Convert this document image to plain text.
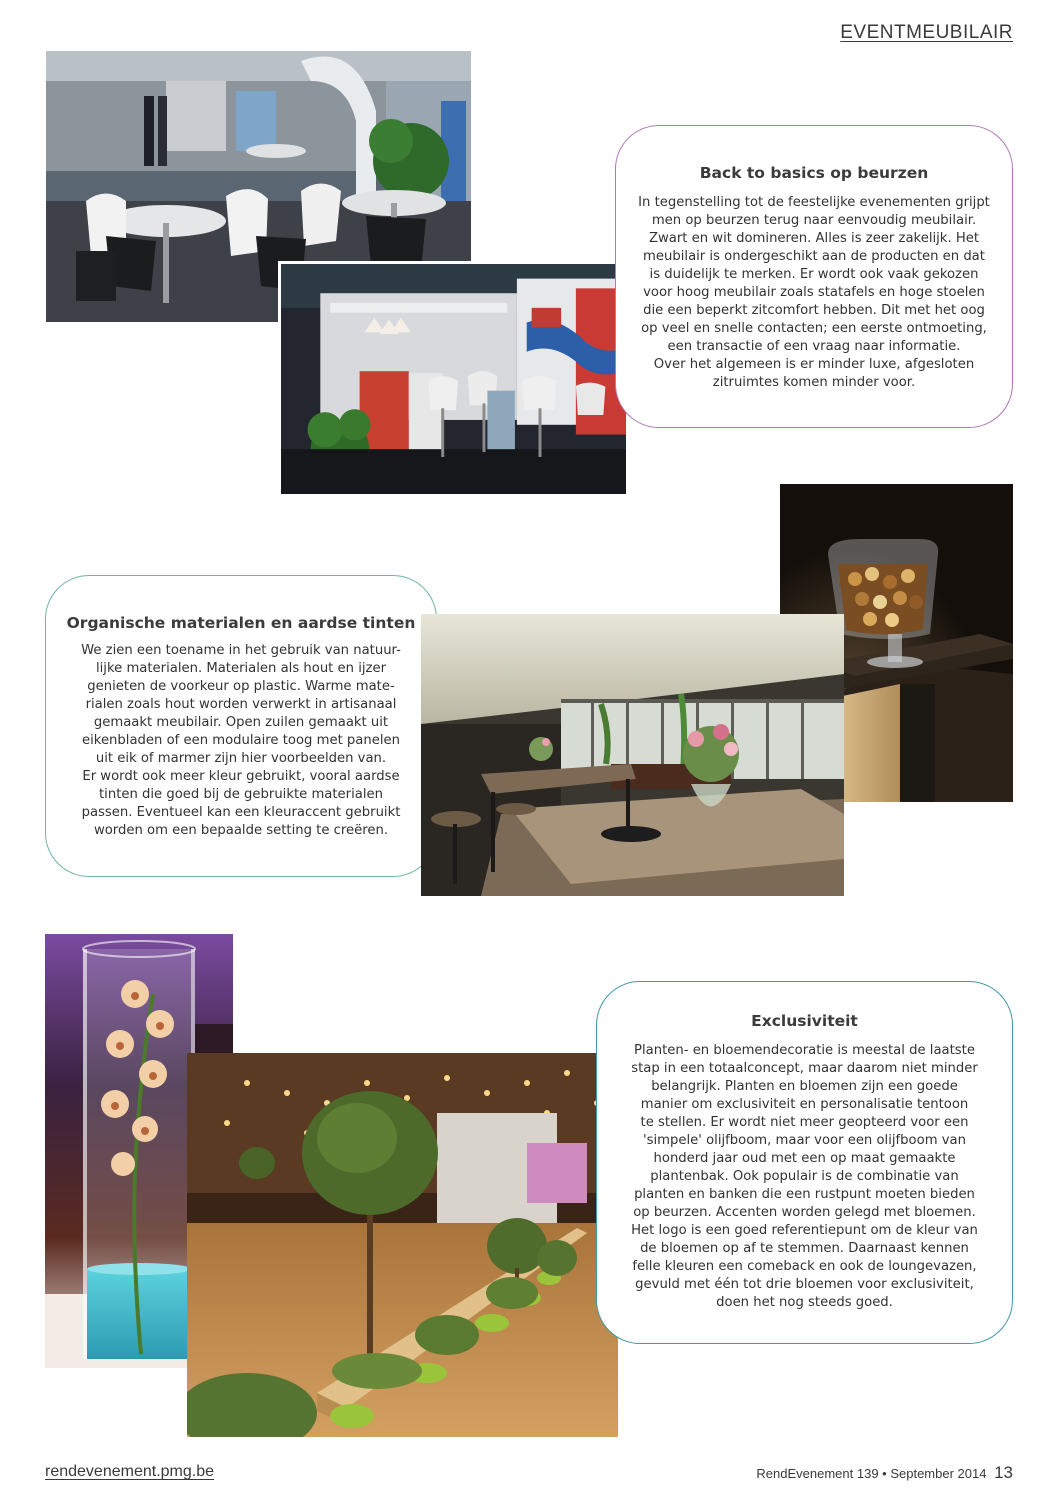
EVENTMEUBILAIR
Back to basics op beurzen

In tegenstelling tot de feestelijke evenementen grijpt
men op beurzen terug naar eenvoudig meubilair.
Zwart en wit domineren. Alles is zeer zakelijk. Het
meubilair is ondergeschikt aan de producten en dat
is duidelijk te merken. Er wordt ook vaak gekozen
voor hoog meubilair zoals statafels en hoge stoelen
die een beperkt zitcomfort hebben. Dit met het oog
op veel en snelle contacten; een eerste ontmoeting,
een transactie of een vraag naar informatie.
Over het algemeen is er minder luxe, afgesloten
zitruimtes komen minder voor.

Organische materialen en aardse tinten

We zien een toename in het gebruik van natuur-
lijke materialen. Materialen als hout en ijzer
genieten de voorkeur op plastic. Warme mate-
rialen zoals hout worden verwerkt in artisanaal
gemaakt meubilair. Open zuilen gemaakt uit
eikenbladen of een modulaire toog met panelen
uit eik of marmer zijn hier voorbeelden van.
Er wordt ook meer kleur gebruikt, vooral aardse
tinten die goed bij de gebruikte materialen
passen. Eventueel kan een kleuraccent gebruikt
worden om een bepaalde setting te creëren.

Exclusiviteit

Planten- en bloemendecoratie is meestal de laatste
stap in een totaalconcept, maar daarom niet minder
belangrijk. Planten en bloemen zijn een goede
manier om exclusiviteit en personalisatie tentoon
te stellen. Er wordt niet meer geopteerd voor een
'simpele' olijfboom, maar voor een olijfboom van
honderd jaar oud met een op maat gemaakte
plantenbak. Ook populair is de combinatie van
planten en banken die een rustpunt moeten bieden
op beurzen. Accenten worden gelegd met bloemen.
Het logo is een goed referentiepunt om de kleur van
de bloemen op af te stemmen. Daarnaast kennen
felle kleuren een comeback en ook de loungevazen,
gevuld met één tot drie bloemen voor exclusiviteit,
doen het nog steeds goed.

rendevenement.pmg.be	RendEvenement 139 • September 2014 13
